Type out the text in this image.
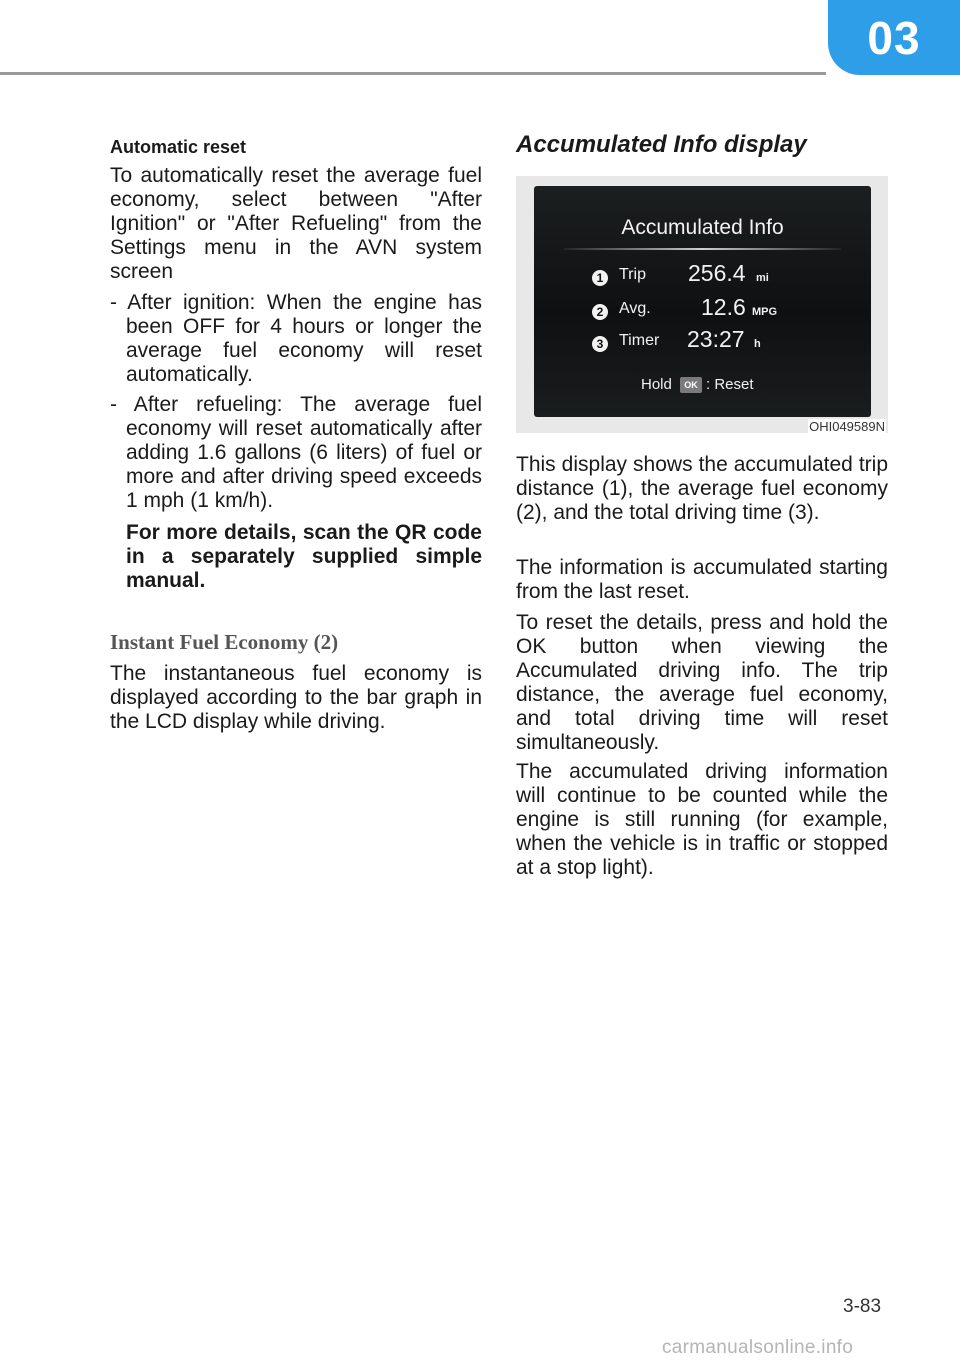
03
Automatic reset

To automatically reset the average fuel economy, select between "After Ignition" or "After Refueling" from the Settings menu in the AVN system screen

- After ignition: When the engine has been OFF for 4 hours or longer the average fuel economy will reset automatically.

- After refueling: The average fuel economy will reset automatically after adding 1.6 gallons (6 liters) of fuel or more and after driving speed exceeds 1 mph (1 km/h).

For more details, scan the QR code in a separately supplied simple manual.

Instant Fuel Economy (2)

The instantaneous fuel economy is displayed according to the bar graph in the LCD display while driving.

Accumulated Info display
Accumulated Info
1 Trip 256.4 mi
2 Avg. 12.6 MPG
3 Timer 23:27 h
Hold	OK : Reset
OHI049589N

This display shows the accumulated trip distance (1), the average fuel economy (2), and the total driving time (3).

The information is accumulated starting from the last reset.

To reset the details, press and hold the OK button when viewing the Accumulated driving info. The trip distance, the average fuel economy, and total driving time will reset simultaneously.

The accumulated driving information will continue to be counted while the engine is still running (for example, when the vehicle is in traffic or stopped at a stop light).

3-83
carmanualsonline.info
